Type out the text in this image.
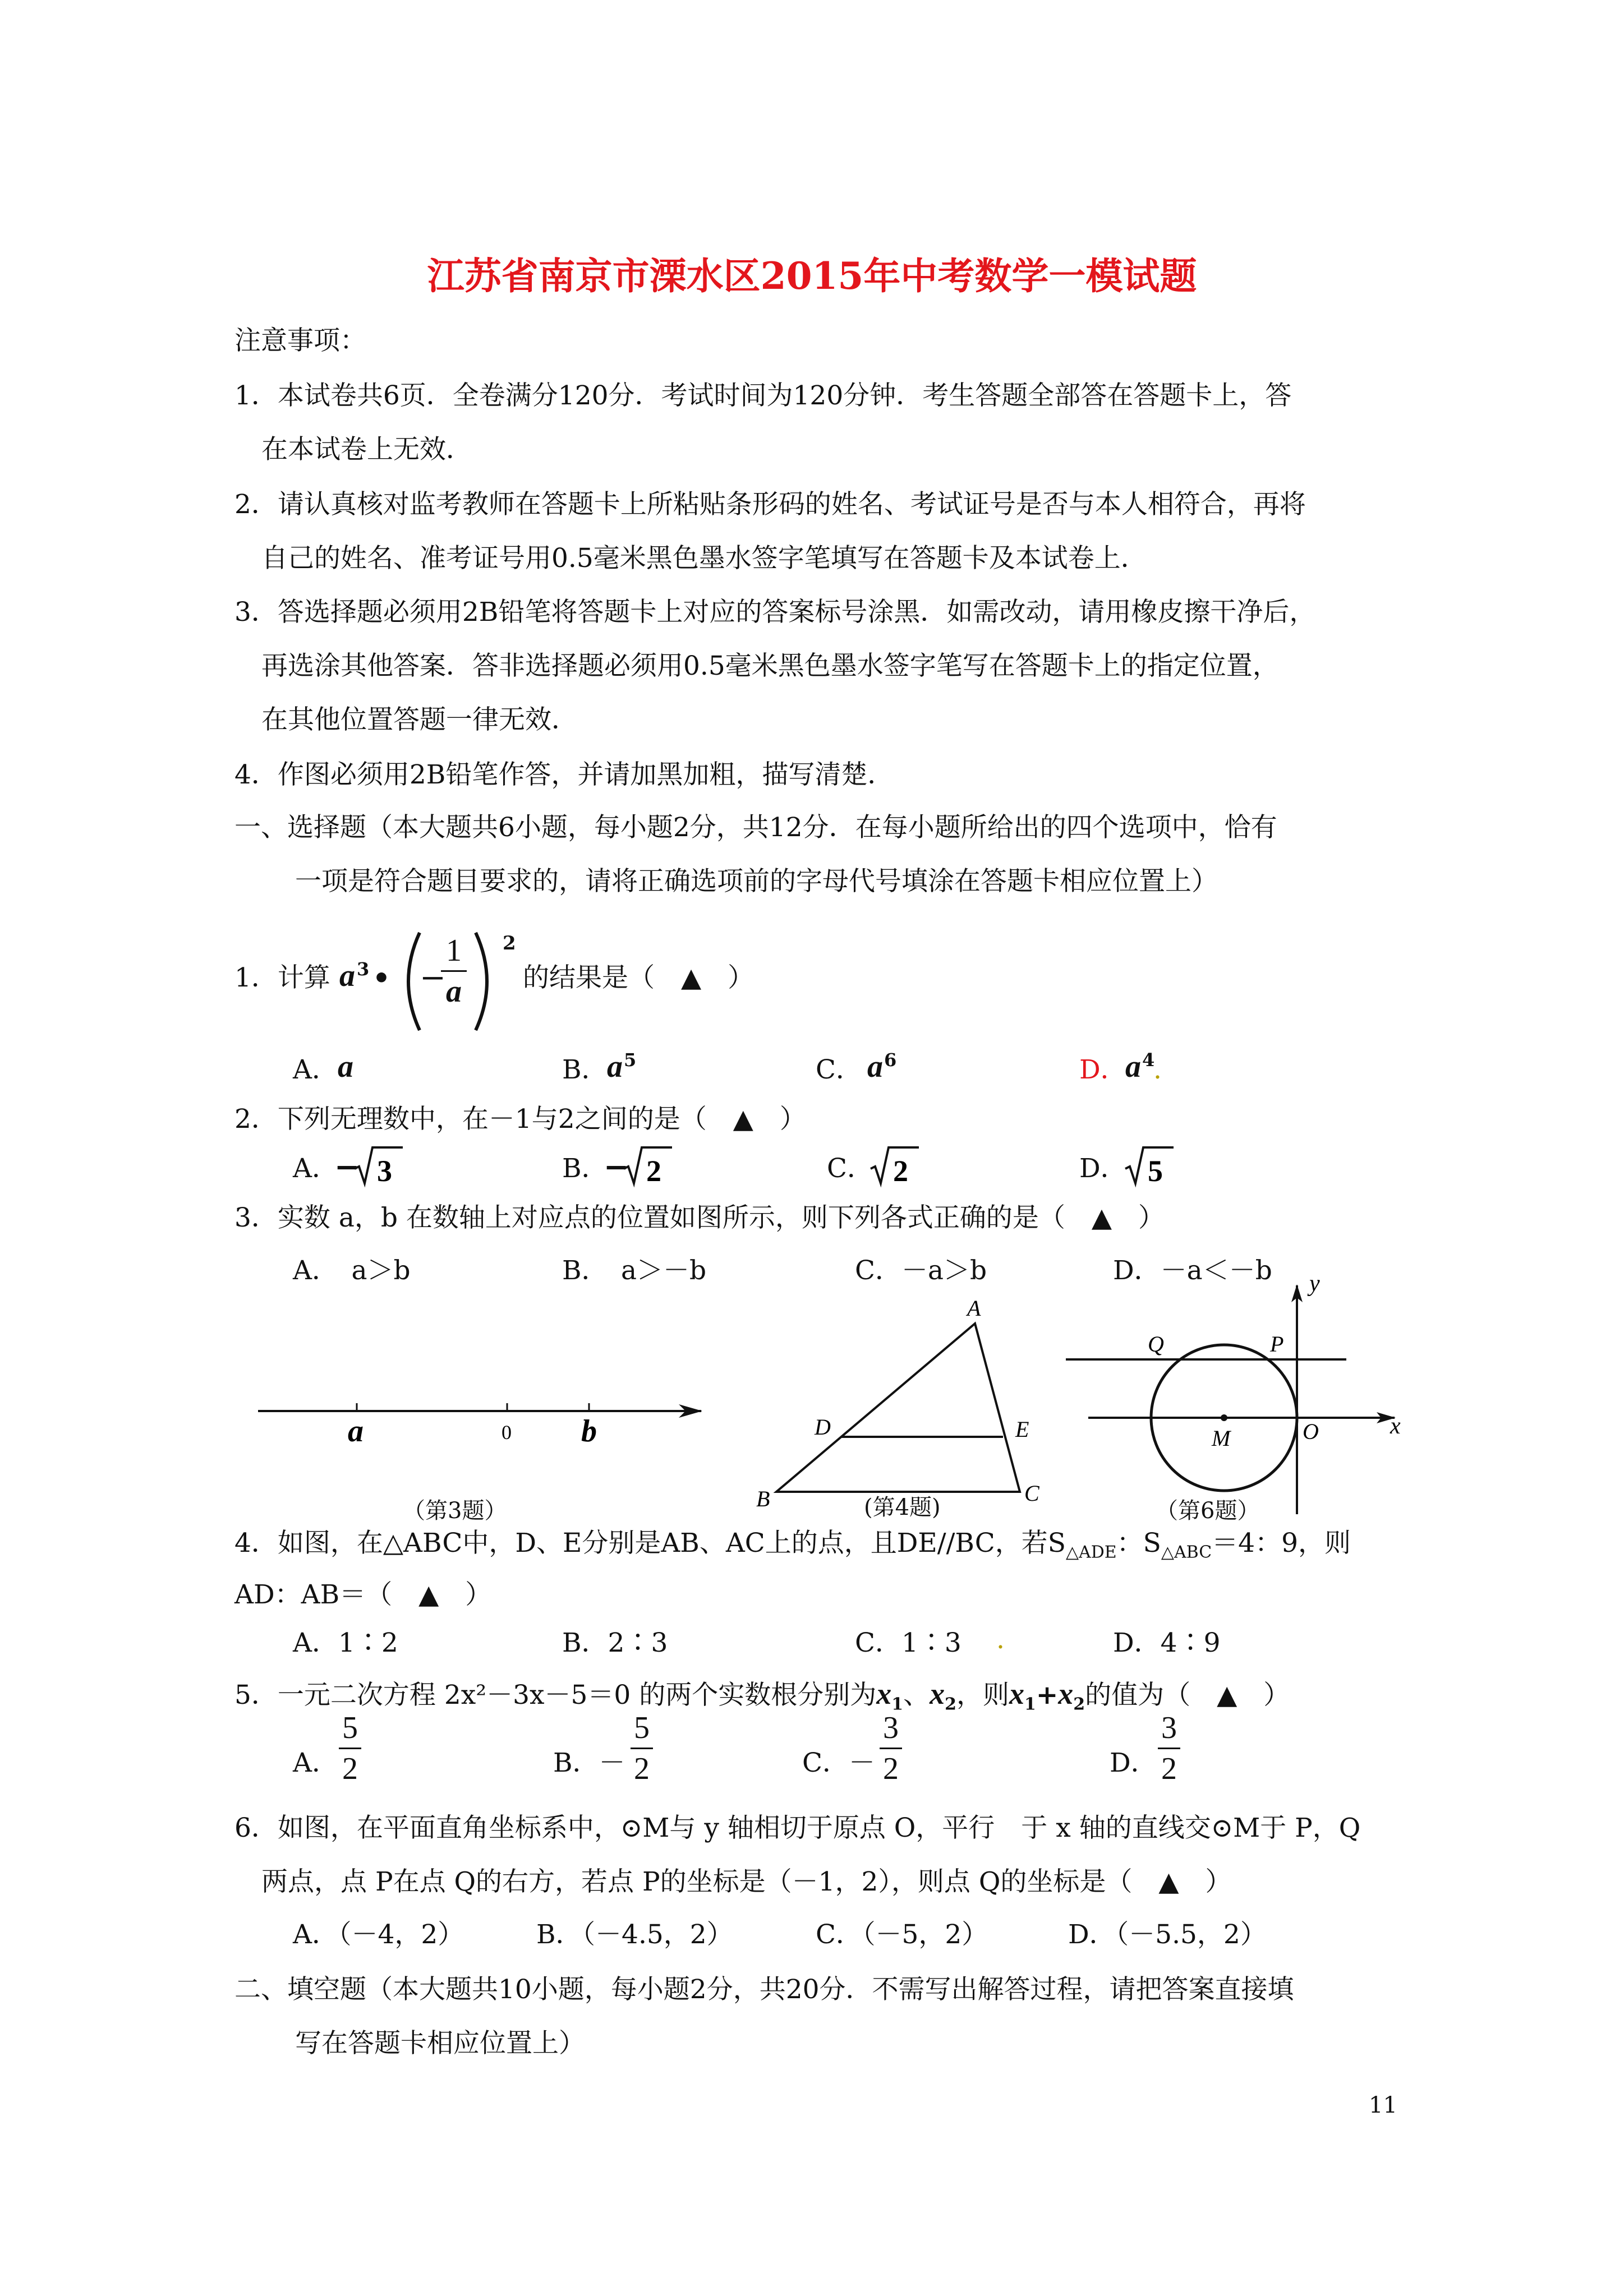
江苏省南京市溧水区2015年中考数学一模试题
注意事项：
1．本试卷共6页．全卷满分120分．考试时间为120分钟．考生答题全部答在答题卡上，答
在本试卷上无效．
2．请认真核对监考教师在答题卡上所粘贴条形码的姓名、考试证号是否与本人相符合，再将
自己的姓名、准考证号用0.5毫米黑色墨水签字笔填写在答题卡及本试卷上．
3．答选择题必须用2B铅笔将答题卡上对应的答案标号涂黑．如需改动，请用橡皮擦干净后，
再选涂其他答案．答非选择题必须用0.5毫米黑色墨水签字笔写在答题卡上的指定位置，
在其他位置答题一律无效．
4．作图必须用2B铅笔作答，并请加黑加粗，描写清楚．
一、选择题（本大题共6小题，每小题2分，共12分．在每小题所给出的四个选项中，恰有
一项是符合题目要求的，请将正确选项前的字母代号填涂在答题卡相应位置上）
1．计算 a 3 • −
1
a
2
的结果是（　▲　）
A． a	B．
a 5	C． a 6	D．
a 4
.
2．下列无理数中，在－1与2之间的是（　▲　）
A．
− 3	B．
− 2	C． 2	D． 5
3．实数 a，b 在数轴上对应点的位置如图所示，则下列各式正确的是（　▲　）
A．　a＞b	B．　a＞－b	C．－a＞b	D．－a＜－b
a	0 b
（第3题）
A
D	E
B	C
(第4题)
y
Q	P
M	O	x
（第6题）
4．如图，在△ABC中，D、E分别是AB、AC上的点，且DE//BC，若$S_{\triangle ADE}$：$S_{\triangle ABC}=4$：9，则
AD：AB＝（　▲　）
A．1∶2	B．2∶3	C．1∶3 .	D．4∶9
5．一元二次方程 2x²－3x－5＝0 的两个实数根分别为$x_1$、$x_2$，则$x_1+x_2$的值为（　▲　）
A．
5
2	B．－
5
2	C．－
3
2	D．
3
2
6．如图，在平面直角坐标系中，⊙M与 y 轴相切于原点 O，平行　于 x 轴的直线交⊙M于 P，Q
两点，点 P在点 Q的右方，若点 P的坐标是（－1，2），则点 Q的坐标是（　▲　）
A．（－4，2）	B．（－4.5，2）	C．（－5，2）	D．（－5.5，2）
二、填空题（本大题共10小题，每小题2分，共20分．不需写出解答过程，请把答案直接填
写在答题卡相应位置上）
11
